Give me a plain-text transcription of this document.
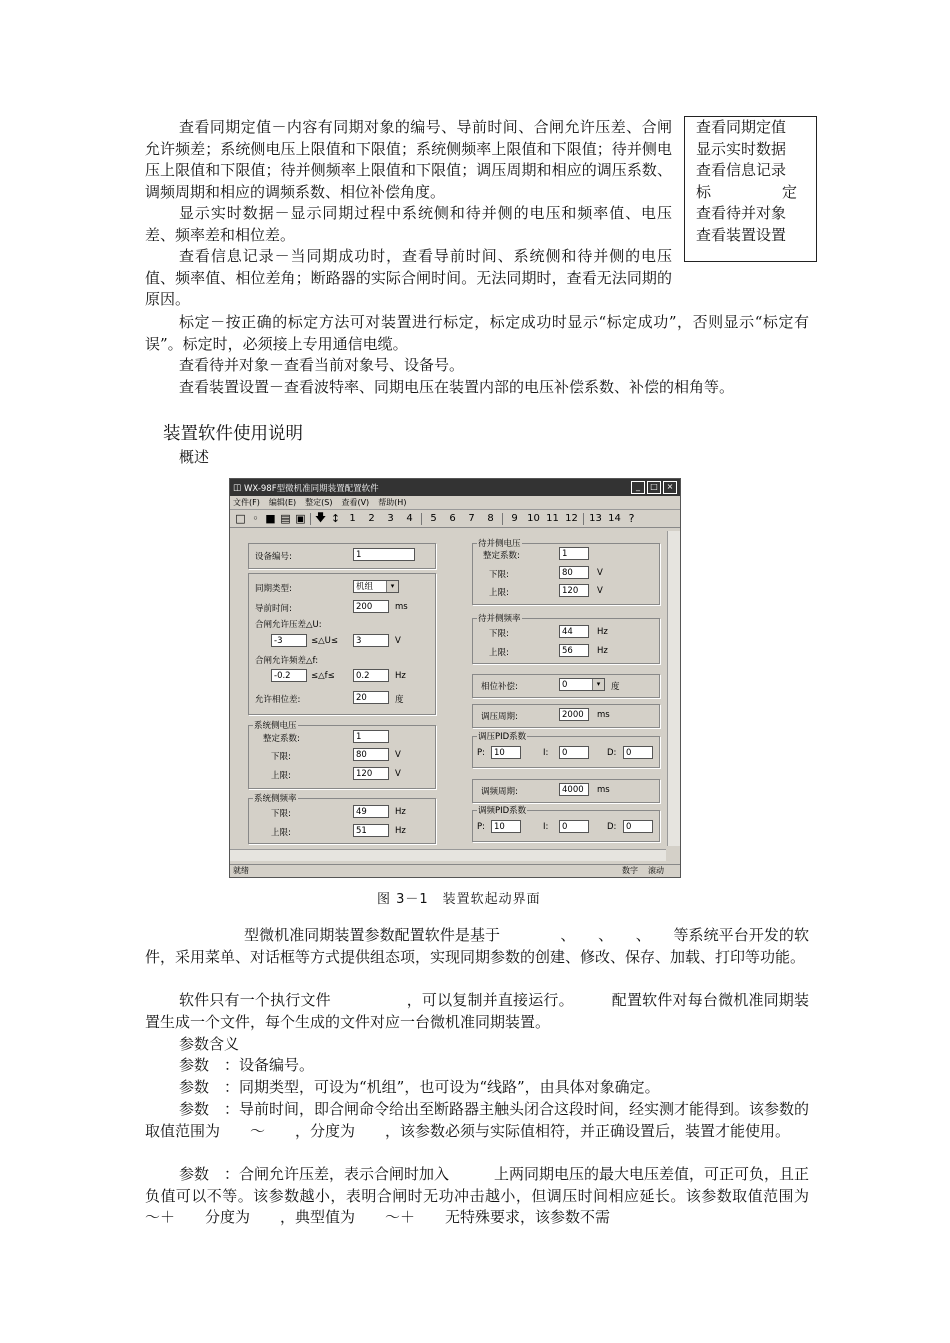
查看同期定值－内容有同期对象的编号、导前时间、合闸允许压差、合闸允许频差；系统侧电压上限值和下限值；系统侧频率上限值和下限值；待并侧电压上限值和下限值；待并侧频率上限值和下限值；调压周期和相应的调压系数、调频周期和相应的调频系数、相位补偿角度。

显示实时数据－显示同期过程中系统侧和待并侧的电压和频率值、电压差、频率差和相位差。

查看信息记录－当同期成功时，查看导前时间、系统侧和待并侧的电压值、频率值、相位差角；断路器的实际合闸时间。无法同期时，查看无法同期的原因。

标定－按正确的标定方法可对装置进行标定，标定成功时显示“标定成功”，否则显示“标定有误”。标定时，必须接上专用通信电缆。

查看待并对象－查看当前对象号、设备号。

查看装置设置－查看波特率、同期电压在装置内部的电压补偿系数、补偿的相角等。

查看同期定值
显示实时数据
查看信息记录
标	定
查看待并对象
查看装置设置
装置软件使用说明
概述
◫ WX-98F型微机准同期装置配置软件	_	□	×
文件(F) 编辑(E) 整定(S) 查看(V) 帮助(H)
□ ◦ ■ ▤ ▣ 🡇 ↕ 1	2	3	4	5	6	7	8	9 10 11 12	13 14 ?
设备编号:	1
同期类型:	机组	▾
导前时间:	200	ms
合闸允许压差△U:
-3	≤△U≤	3	V
合闸允许频差△f:
-0.2	≤△f≤	0.2	Hz
允许相位差:	20	度
系统侧电压
整定系数:	1
下限:	80	V
上限:	120	V
系统侧频率
下限:	49	Hz
上限:	51	Hz
待并侧电压
整定系数:	1
下限:	80	V
上限:	120	V
待并侧频率
下限:	44	Hz
上限:	56	Hz
相位补偿:	0	▾	度
调压周期:	2000	ms
调压PID系数
P:	10	I:	0	D:	0
调频周期:	4000	ms
调频PID系数
P:	10	I:	0	D:	0
就绪	数字 滚动
图 3－1　装置软起动界面

型微机准同期装置参数配置软件是基于　　　　、　　、　　、　　等系统平台开发的软件，采用菜单、对话框等方式提供组态项，实现同期参数的创建、修改、保存、加载、打印等功能。

软件只有一个执行文件　　　　　，可以复制并直接运行。　　　配置软件对每台微机准同期装置生成一个文件，每个生成的文件对应一台微机准同期装置。

参数含义

参数　：设备编号。

参数　：同期类型，可设为“机组”，也可设为“线路”，由具体对象确定。

参数　：导前时间，即合闸命令给出至断路器主触头闭合这段时间，经实测才能得到。该参数的取值范围为　　～　　，分度为　　，该参数必须与实际值相符，并正确设置后，装置才能使用。

参数　：合闸允许压差，表示合闸时加入　　　上两同期电压的最大电压差值，可正可负，且正负值可以不等。该参数越小，表明合闸时无功冲击越小，但调压时间相应延长。该参数取值范围为　　～＋　　分度为　　，典型值为　　～＋　　无特殊要求，该参数不需
